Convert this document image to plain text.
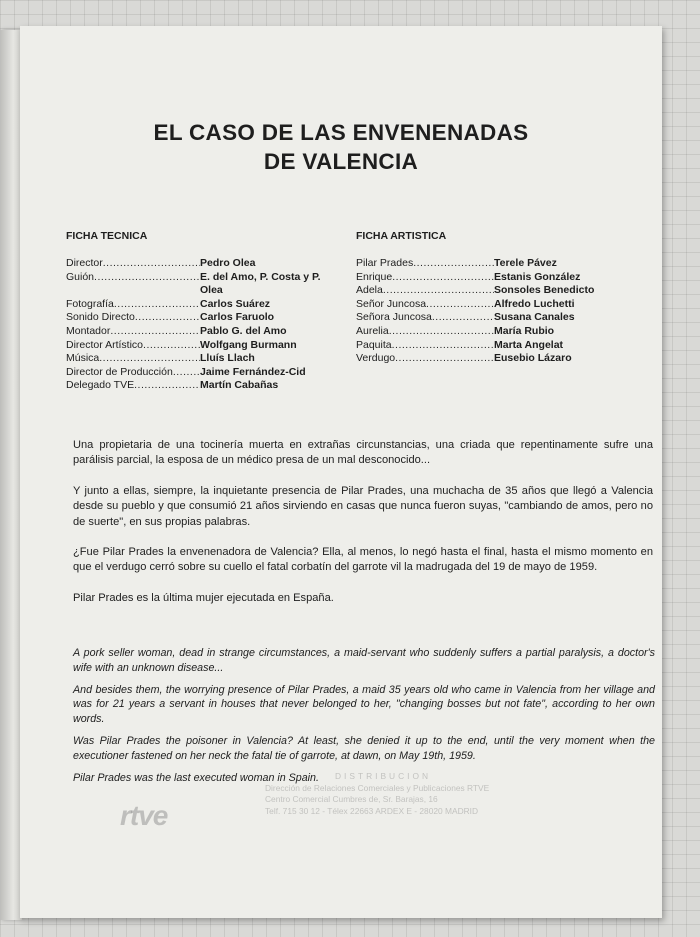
EL CASO DE LAS ENVENENADAS
DE VALENCIA
FICHA TECNICA	FICHA ARTISTICA
Director .....	Pedro Olea
Guión .....	E. del Amo, P. Costa y P. Olea
Fotografía .....	Carlos Suárez
Sonido Directo .....	Carlos Faruolo
Montador .....	Pablo G. del Amo
Director Artístico .....	Wolfgang Burmann
Música .....	Lluís Llach
Director de Producción .....	Jaime Fernández-Cid
Delegado TVE .....	Martín Cabañas
Pilar Prades .....	Terele Pávez
Enrique .....	Estanis González
Adela .....	Sonsoles Benedicto
Señor Juncosa .....	Alfredo Luchetti
Señora Juncosa .....	Susana Canales
Aurelia .....	María Rubio
Paquita .....	Marta Angelat
Verdugo .....	Eusebio Lázaro

Una propietaria de una tocinería muerta en extrañas circunstancias, una criada que repentinamente sufre una parálisis parcial, la esposa de un médico presa de un mal desconocido...

Y junto a ellas, siempre, la inquietante presencia de Pilar Prades, una muchacha de 35 años que llegó a Valencia desde su pueblo y que consumió 21 años sirviendo en casas que nunca fueron suyas, "cambiando de amos, pero no de suerte", en sus propias palabras.

¿Fue Pilar Prades la envenenadora de Valencia? Ella, al menos, lo negó hasta el final, hasta el mismo momento en que el verdugo cerró sobre su cuello el fatal corbatín del garrote vil la madrugada del 19 de mayo de 1959.

Pilar Prades es la última mujer ejecutada en España.

A pork seller woman, dead in strange circumstances, a maid-servant who suddenly suffers a partial paralysis, a doctor's wife with an unknown disease...

And besides them, the worrying presence of Pilar Prades, a maid 35 years old who came in Valencia from her village and was for 21 years a servant in houses that never belonged to her, "changing bosses but not fate", according to her own words.

Was Pilar Prades the poisoner in Valencia? At least, she denied it up to the end, until the very moment when the executioner fastened on her neck the fatal tie of garrote, at dawn, on May 19th, 1959.

Pilar Prades was the last executed woman in Spain.	DISTRIBUCION
Dirección de Relaciones Comerciales y Publicaciones RTVE
Centro Comercial Cumbres de, Sr. Barajas, 16
Telf. 715 30 12 - Télex 22663 ARDEX E - 28020 MADRID
rtve
